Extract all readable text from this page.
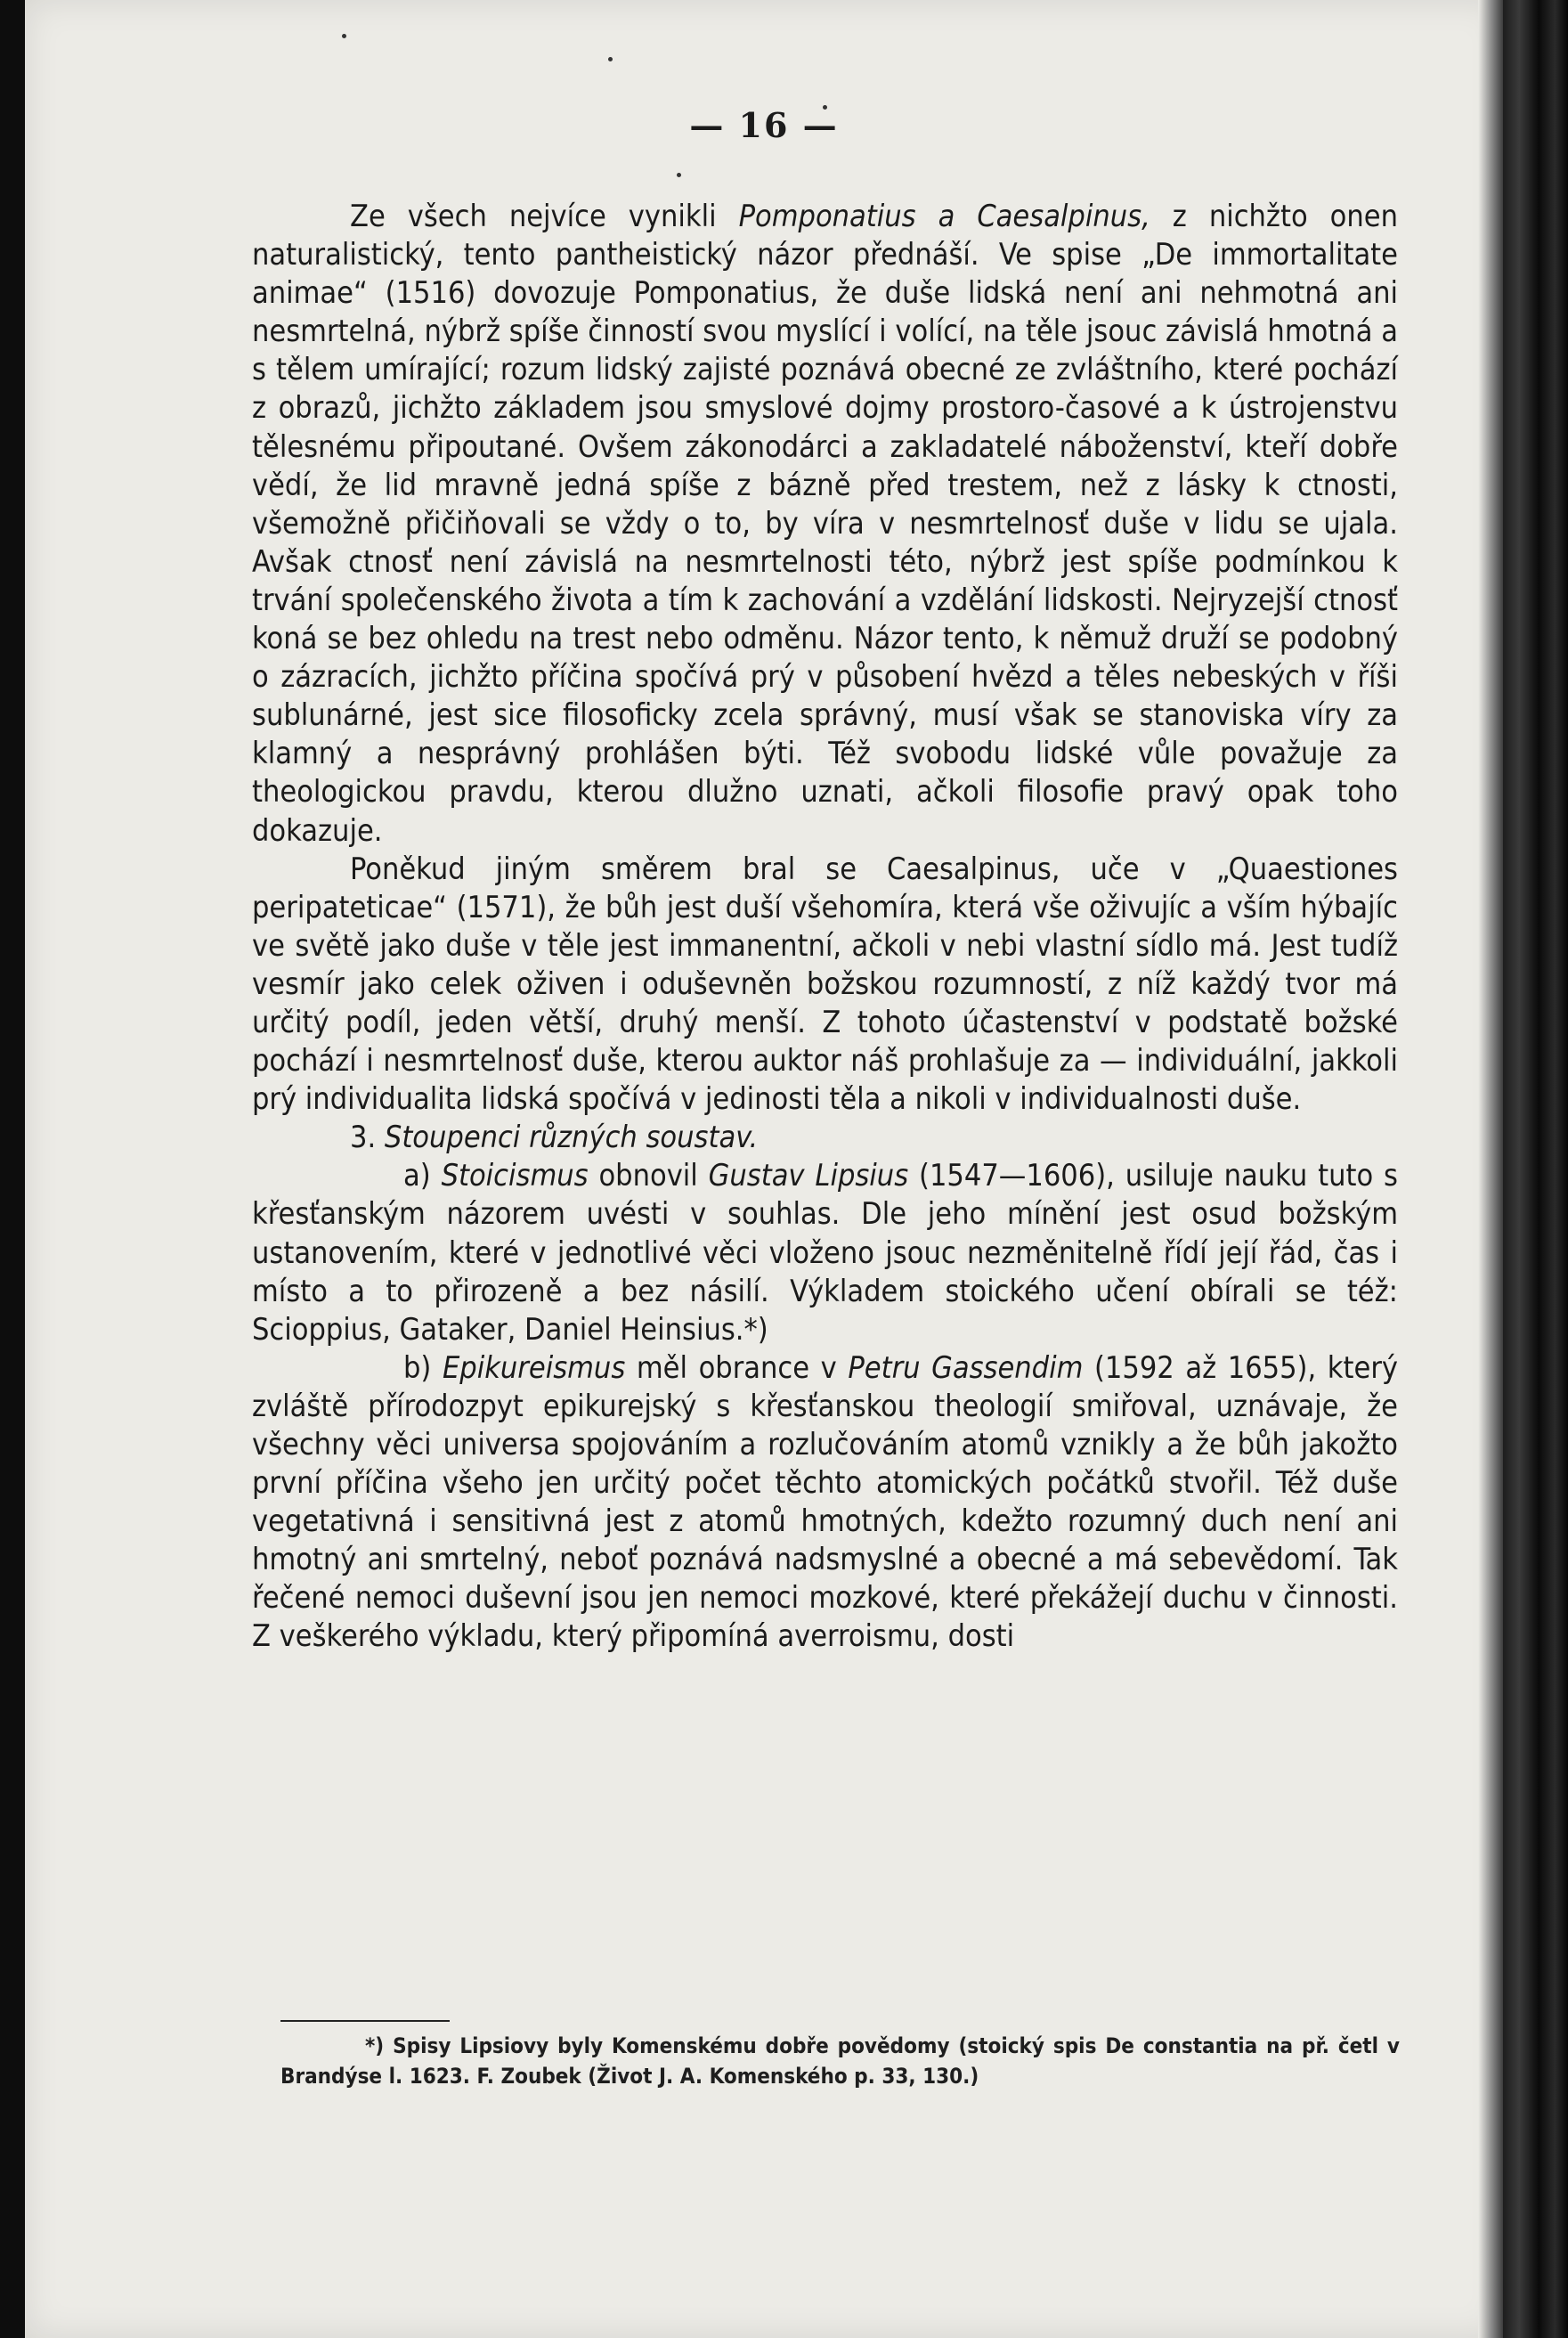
— 16 —

Ze všech nejvíce vynikli Pomponatius a Caesalpinus, z nichžto onen naturalistický, tento pantheistický názor přednáší. Ve spise „De immortalitate animae“ (1516) dovozuje Pomponatius, že duše lidská není ani nehmotná ani nesmrtelná, nýbrž spíše činností svou myslící i volící, na těle jsouc závislá hmotná a s tělem umírající; rozum lidský zajisté poznává obecné ze zvláštního, které pochází z obrazů, jichžto základem jsou smyslové dojmy prostoro-časové a k ústrojenstvu tělesnému připoutané. Ovšem zákonodárci a zakladatelé náboženství, kteří dobře vědí, že lid mravně jedná spíše z bázně před trestem, než z lásky k ctnosti, všemožně přičiňovali se vždy o to, by víra v nesmrtelnosť duše v lidu se ujala. Avšak ctnosť není závislá na nesmrtelnosti této, nýbrž jest spíše podmínkou k trvání společenského života a tím k zachování a vzdělání lidskosti. Nejryzejší ctnosť koná se bez ohledu na trest nebo odměnu. Názor tento, k němuž druží se podobný o zázracích, jichžto příčina spočívá prý v působení hvězd a těles nebeských v říši sublunárné, jest sice filosoficky zcela správný, musí však se stanoviska víry za klamný a nesprávný prohlášen býti. Též svobodu lidské vůle považuje za theologickou pravdu, kterou dlužno uznati, ačkoli filosofie pravý opak toho dokazuje.

Poněkud jiným směrem bral se Caesalpinus, uče v „Quaestiones peripateticae“ (1571), že bůh jest duší všehomíra, která vše oživujíc a vším hýbajíc ve světě jako duše v těle jest immanentní, ačkoli v nebi vlastní sídlo má. Jest tudíž vesmír jako celek oživen i oduševněn božskou rozumností, z níž každý tvor má určitý podíl, jeden větší, druhý menší. Z tohoto účastenství v podstatě božské pochází i nesmrtelnosť duše, kterou auktor náš prohlašuje za — individuální, jakkoli prý individualita lidská spočívá v jedinosti těla a nikoli v individualnosti duše.

3. Stoupenci různých soustav.

a) Stoicismus obnovil Gustav Lipsius (1547—1606), usiluje nauku tuto s křesťanským názorem uvésti v souhlas. Dle jeho mínění jest osud božským ustanovením, které v jednotlivé věci vloženo jsouc nezměnitelně řídí její řád, čas i místo a to přirozeně a bez násilí. Výkladem stoického učení obírali se též: Scioppius, Gataker, Daniel Heinsius.*)

b) Epikureismus měl obrance v Petru Gassendim (1592 až 1655), který zvláště přírodozpyt epikurejský s křesťanskou theologií smiřoval, uznávaje, že všechny věci universa spojováním a rozlučováním atomů vznikly a že bůh jakožto první příčina všeho jen určitý počet těchto atomických počátků stvořil. Též duše vegetativná i sensitivná jest z atomů hmotných, kdežto rozumný duch není ani hmotný ani smrtelný, neboť poznává nadsmyslné a obecné a má sebevědomí. Tak řečené nemoci duševní jsou jen nemoci mozkové, které překážejí duchu v činnosti. Z veškerého výkladu, který připomíná averroismu, dosti

*) Spisy Lipsiovy byly Komenskému dobře povědomy (stoický spis De constantia na př. četl v Brandýse l. 1623. F. Zoubek (Život J. A. Komenského p. 33, 130.)
